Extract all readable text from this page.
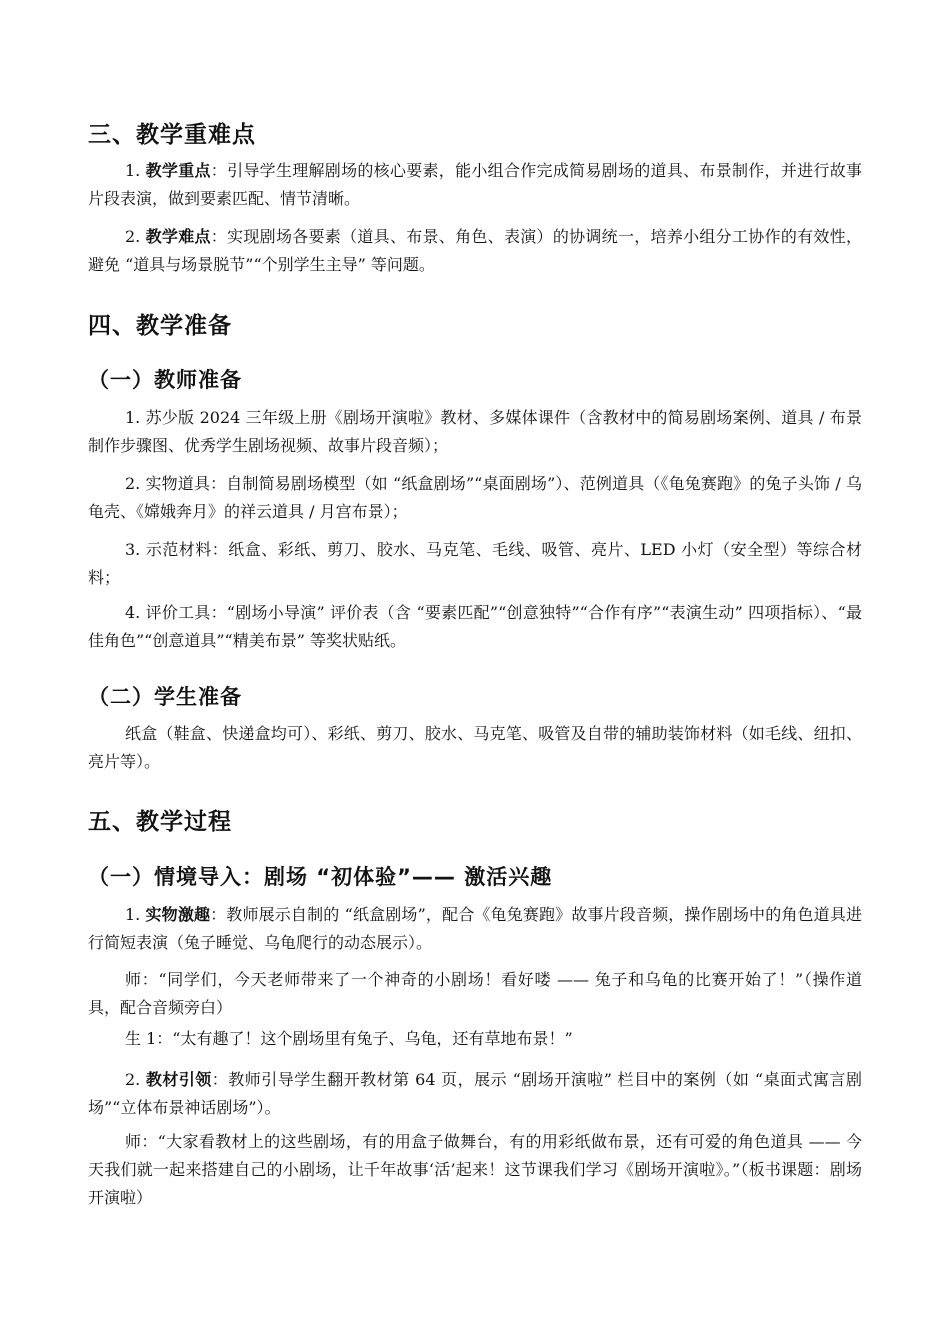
三、教学重难点

1. 教学重点：引导学生理解剧场的核心要素，能小组合作完成简易剧场的道具、布景制作，并进行故事片段表演，做到要素匹配、情节清晰。

2. 教学难点：实现剧场各要素（道具、布景、角色、表演）的协调统一，培养小组分工协作的有效性，避免 “道具与场景脱节”“个别学生主导” 等问题。

四、教学准备
（一）教师准备

1. 苏少版 2024 三年级上册《剧场开演啦》教材、多媒体课件（含教材中的简易剧场案例、道具 / 布景制作步骤图、优秀学生剧场视频、故事片段音频）；

2. 实物道具：自制简易剧场模型（如 “纸盒剧场”“桌面剧场”）、范例道具（《龟兔赛跑》的兔子头饰 / 乌龟壳、《嫦娥奔月》的祥云道具 / 月宫布景）；

3. 示范材料：纸盒、彩纸、剪刀、胶水、马克笔、毛线、吸管、亮片、LED 小灯（安全型）等综合材料；

4. 评价工具：“剧场小导演” 评价表（含 “要素匹配”“创意独特”“合作有序”“表演生动” 四项指标）、“最佳角色”“创意道具”“精美布景” 等奖状贴纸。

（二）学生准备

纸盒（鞋盒、快递盒均可）、彩纸、剪刀、胶水、马克笔、吸管及自带的辅助装饰材料（如毛线、纽扣、亮片等）。

五、教学过程
（一）情境导入：剧场 “初体验”—— 激活兴趣

1. 实物激趣：教师展示自制的 “纸盒剧场”，配合《龟兔赛跑》故事片段音频，操作剧场中的角色道具进行简短表演（兔子睡觉、乌龟爬行的动态展示）。

师：“同学们，今天老师带来了一个神奇的小剧场！看好喽 —— 兔子和乌龟的比赛开始了！”（操作道具，配合音频旁白）

生 1：“太有趣了！这个剧场里有兔子、乌龟，还有草地布景！”

2. 教材引领：教师引导学生翻开教材第 64 页，展示 “剧场开演啦” 栏目中的案例（如 “桌面式寓言剧场”“立体布景神话剧场”）。

师：“大家看教材上的这些剧场，有的用盒子做舞台，有的用彩纸做布景，还有可爱的角色道具 —— 今天我们就一起来搭建自己的小剧场，让千年故事‘活’起来！这节课我们学习《剧场开演啦》。”（板书课题：剧场开演啦）
